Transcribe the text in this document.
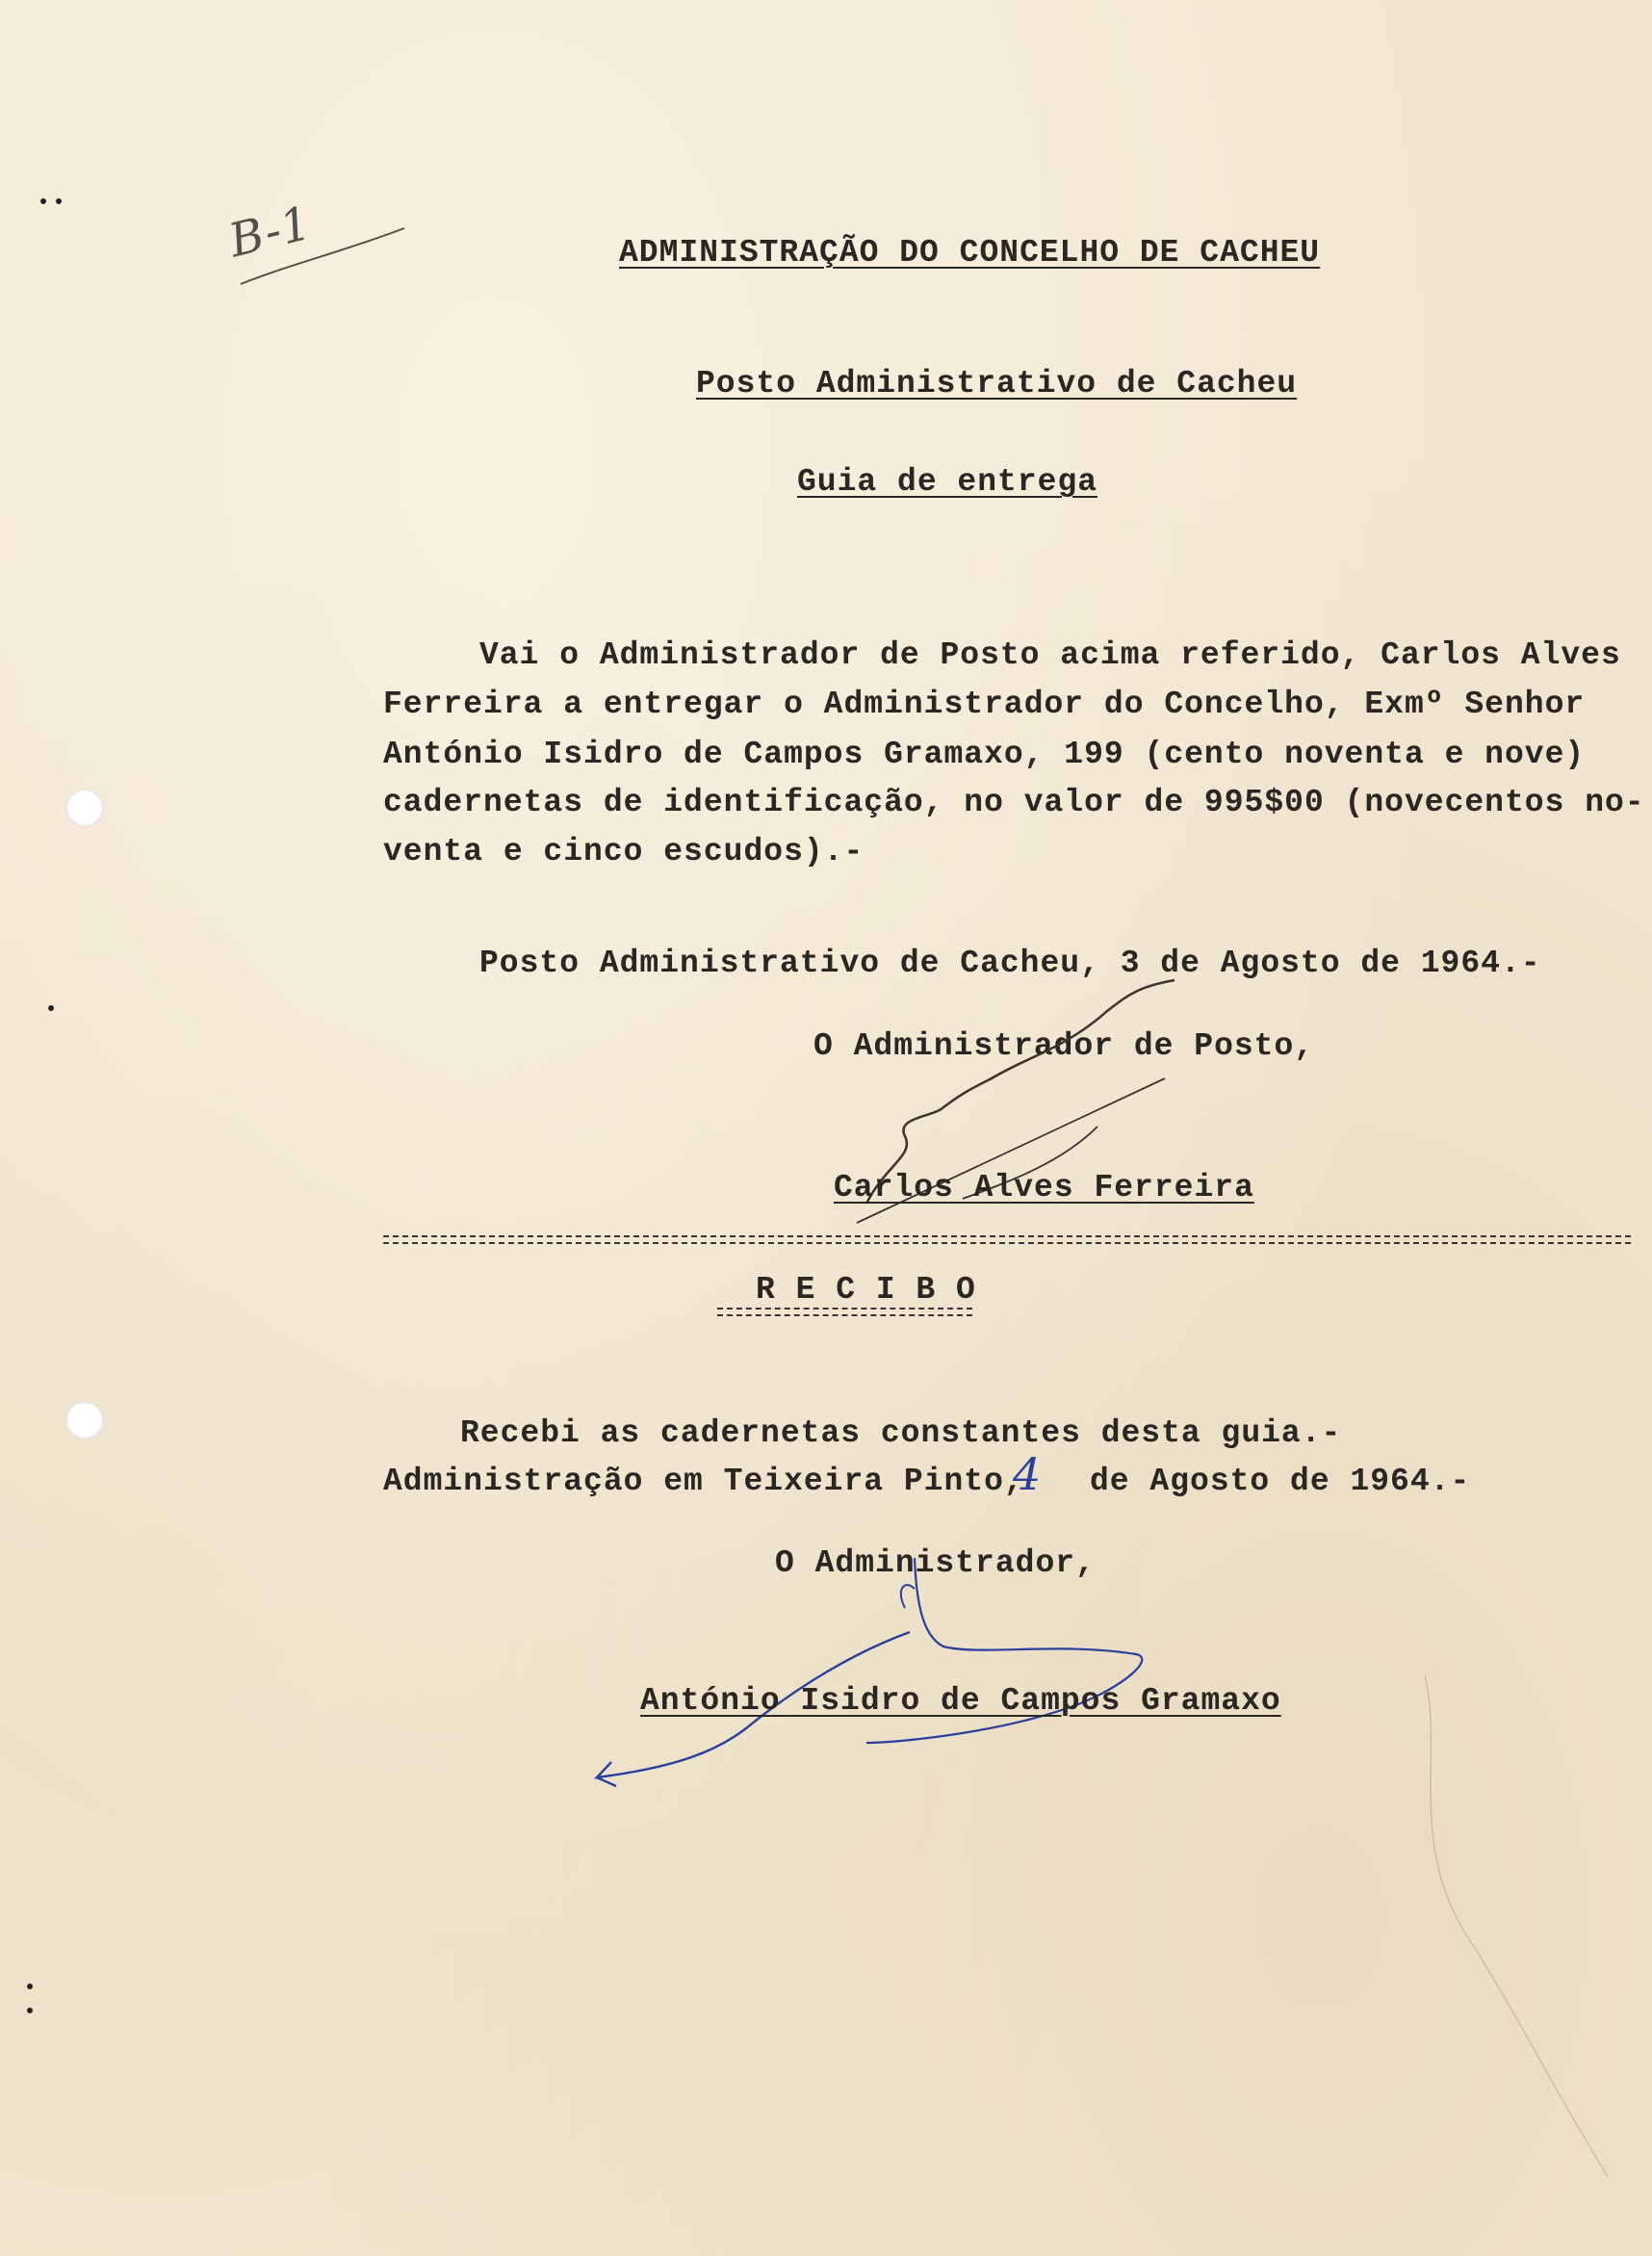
B-1	ADMINISTRAÇÃO DO CONCELHO DE CACHEU
Posto Administrativo de Cacheu
Guia de entrega
Vai o Administrador de Posto acima referido, Carlos Alves
Ferreira a entregar o Administrador do Concelho, Exmº Senhor
António Isidro de Campos Gramaxo, 199 (cento noventa e nove)
cadernetas de identificação, no valor de 995$00 (novecentos no-
venta e cinco escudos).-
Posto Administrativo de Cacheu, 3 de Agosto de 1964.-
O Administrador de Posto,
Carlos Alves Ferreira
R E C I B O
Recebi as cadernetas constantes desta guia.-
Administração em Teixeira Pinto,
4 de Agosto de 1964.-
O Administrador,
António Isidro de Campos Gramaxo
